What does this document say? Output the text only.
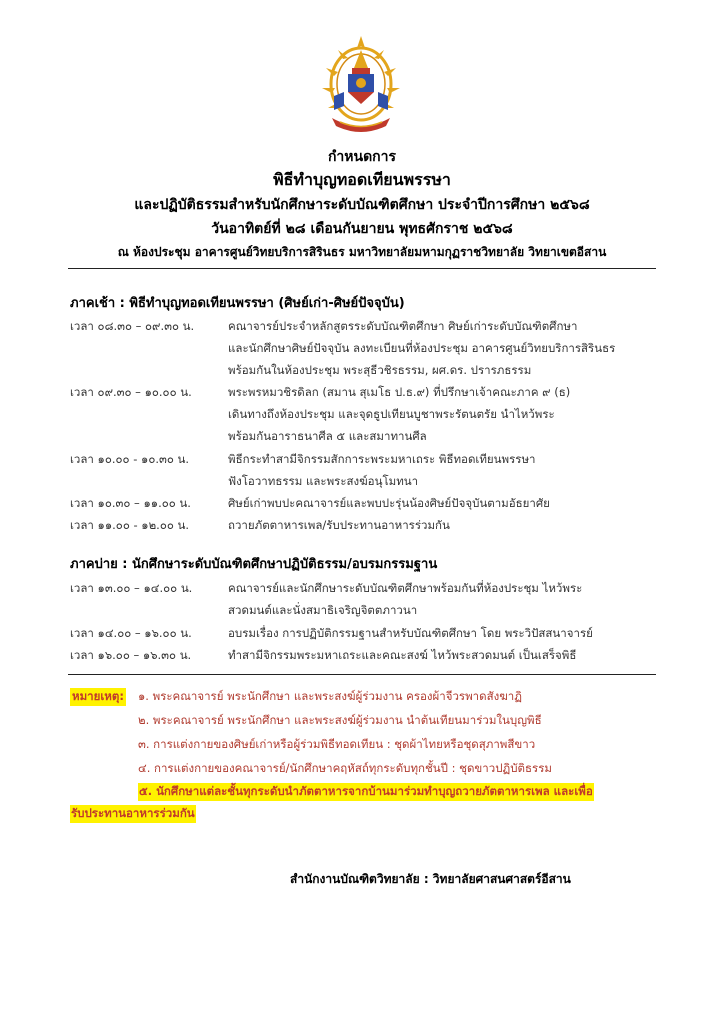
กำหนดการ
พิธีทำบุญทอดเทียนพรรษา
และปฏิบัติธรรมสำหรับนักศึกษาระดับบัณฑิตศึกษา ประจำปีการศึกษา ๒๕๖๘
วันอาทิตย์ที่ ๒๘ เดือนกันยายน พุทธศักราช ๒๕๖๘
ณ ห้องประชุม อาคารศูนย์วิทยบริการสิรินธร มหาวิทยาลัยมหามกุฏราชวิทยาลัย วิทยาเขตอีสาน
ภาคเช้า : พิธีทำบุญทอดเทียนพรรษา (ศิษย์เก่า-ศิษย์ปัจจุบัน)
เวลา ๐๘.๓๐ – ๐๙.๓๐ น.	คณาจารย์ประจำหลักสูตรระดับบัณฑิตศึกษา ศิษย์เก่าระดับบัณฑิตศึกษา
และนักศึกษาศิษย์ปัจจุบัน ลงทะเบียนที่ห้องประชุม อาคารศูนย์วิทยบริการสิรินธร
พร้อมกันในห้องประชุม พระสุธีวชิรธรรม, ผศ.ดร. ปรารภธรรม
เวลา ๐๙.๓๐ – ๑๐.๐๐ น.	พระพรหมวชิรดิลก (สมาน สุเมโธ ป.ธ.๙) ที่ปรึกษาเจ้าคณะภาค ๙ (ธ)
เดินทางถึงห้องประชุม และจุดธูปเทียนบูชาพระรัตนตรัย นำไหว้พระ
พร้อมกันอาราธนาศีล ๕ และสมาทานศีล
เวลา ๑๐.๐๐ - ๑๐.๓๐ น.	พิธีกระทำสามีจิกรรมสักการะพระมหาเถระ พิธีทอดเทียนพรรษา
ฟังโอวาทธรรม และพระสงฆ์อนุโมทนา
เวลา ๑๐.๓๐ – ๑๑.๐๐ น.	ศิษย์เก่าพบปะคณาจารย์และพบปะรุ่นน้องศิษย์ปัจจุบันตามอัธยาศัย
เวลา ๑๑.๐๐ - ๑๒.๐๐ น.	ถวายภัตตาหารเพล/รับประทานอาหารร่วมกัน
ภาคบ่าย : นักศึกษาระดับบัณฑิตศึกษาปฏิบัติธรรม/อบรมกรรมฐาน
เวลา ๑๓.๐๐ – ๑๔.๐๐ น.	คณาจารย์และนักศึกษาระดับบัณฑิตศึกษาพร้อมกันที่ห้องประชุม ไหว้พระ
สวดมนต์และนั่งสมาธิเจริญจิตตภาวนา
เวลา ๑๔.๐๐ – ๑๖.๐๐ น.	อบรมเรื่อง การปฏิบัติกรรมฐานสำหรับบัณฑิตศึกษา โดย พระวิปัสสนาจารย์
เวลา ๑๖.๐๐ – ๑๖.๓๐ น.	ทำสามีจิกรรมพระมหาเถระและคณะสงฆ์ ไหว้พระสวดมนต์ เป็นเสร็จพิธี
หมายเหตุ: ๑. พระคณาจารย์ พระนักศึกษา และพระสงฆ์ผู้ร่วมงาน ครองผ้าจีวรพาดสังฆาฏิ
๒. พระคณาจารย์ พระนักศึกษา และพระสงฆ์ผู้ร่วมงาน นำต้นเทียนมาร่วมในบุญพิธี
๓. การแต่งกายของศิษย์เก่าหรือผู้ร่วมพิธีทอดเทียน : ชุดผ้าไทยหรือชุดสุภาพสีขาว
๔. การแต่งกายของคณาจารย์/นักศึกษาคฤหัสถ์ทุกระดับทุกชั้นปี : ชุดขาวปฏิบัติธรรม
๕. นักศึกษาแต่ละชั้นทุกระดับนำภัตตาหารจากบ้านมาร่วมทำบุญถวายภัตตาหารเพล และเพื่อ
รับประทานอาหารร่วมกัน
สำนักงานบัณฑิตวิทยาลัย : วิทยาลัยศาสนศาสตร์อีสาน
